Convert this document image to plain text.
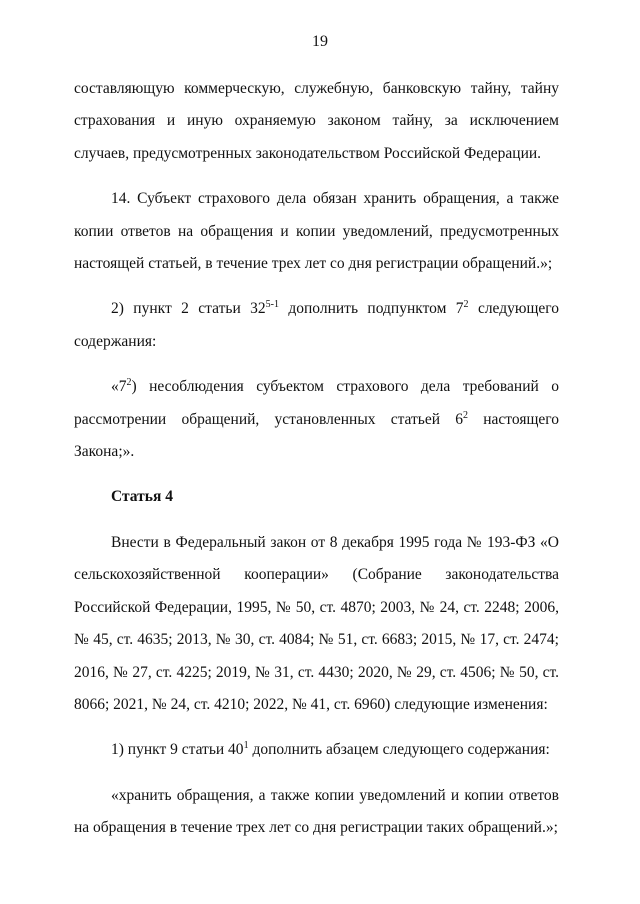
19

составляющую коммерческую, служебную, банковскую тайну, тайну страхования и иную охраняемую законом тайну, за исключением случаев, предусмотренных законодательством Российской Федерации.

14. Субъект страхового дела обязан хранить обращения, а также копии ответов на обращения и копии уведомлений, предусмотренных настоящей статьей, в течение трех лет со дня регистрации обращений.»;

2) пункт 2 статьи 32$^{5-1}$ дополнить подпунктом $7^2$ следующего содержания:

«$7^2$) несоблюдения субъектом страхового дела требований о рассмотрении обращений, установленных статьей $6^2$ настоящего Закона;».

Статья 4

Внести в Федеральный закон от 8 декабря 1995 года № 193-ФЗ «О сельскохозяйственной кооперации» (Собрание законодательства Российской Федерации, 1995, № 50, ст. 4870; 2003, № 24, ст. 2248; 2006, № 45, ст. 4635; 2013, № 30, ст. 4084; № 51, ст. 6683; 2015, № 17, ст. 2474; 2016, № 27, ст. 4225; 2019, № 31, ст. 4430; 2020, № 29, ст. 4506; № 50, ст. 8066; 2021, № 24, ст. 4210; 2022, № 41, ст. 6960) следующие изменения:

1) пункт 9 статьи $40^1$ дополнить абзацем следующего содержания:

«хранить обращения, а также копии уведомлений и копии ответов на обращения в течение трех лет со дня регистрации таких обращений.»;
